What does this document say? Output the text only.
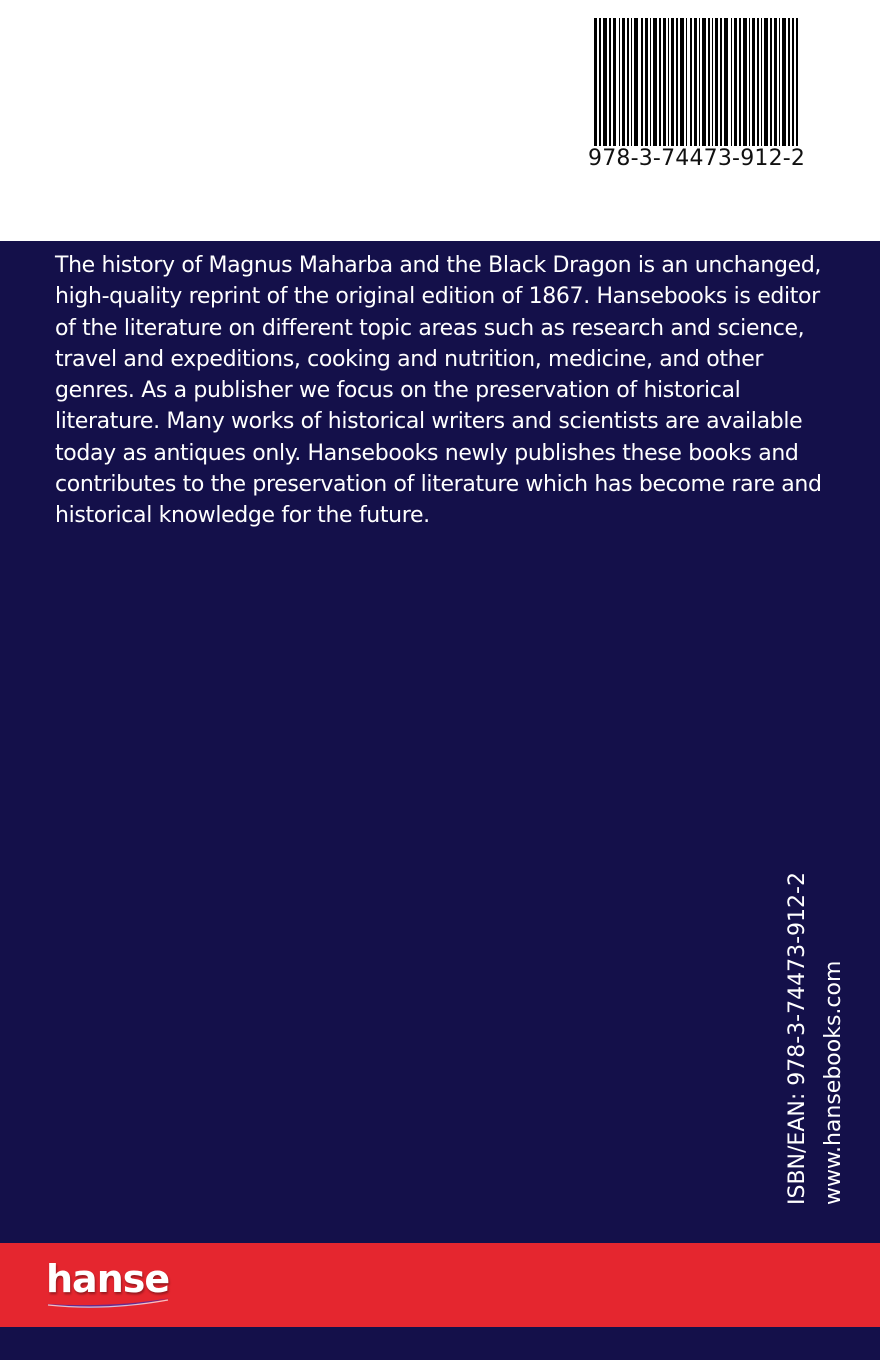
978-3-74473-912-2

The history of Magnus Maharba and the Black Dragon is an unchanged, high-quality reprint of the original edition of 1867. Hansebooks is editor of the literature on different topic areas such as research and science, travel and expeditions, cooking and nutrition, medicine, and other genres. As a publisher we focus on the preservation of historical literature. Many works of historical writers and scientists are available today as antiques only. Hansebooks newly publishes these books and contributes to the preservation of literature which has become rare and historical knowledge for the future.

ISBN/EAN: 978-3-74473-912-2 www.hansebooks.com
hanse
